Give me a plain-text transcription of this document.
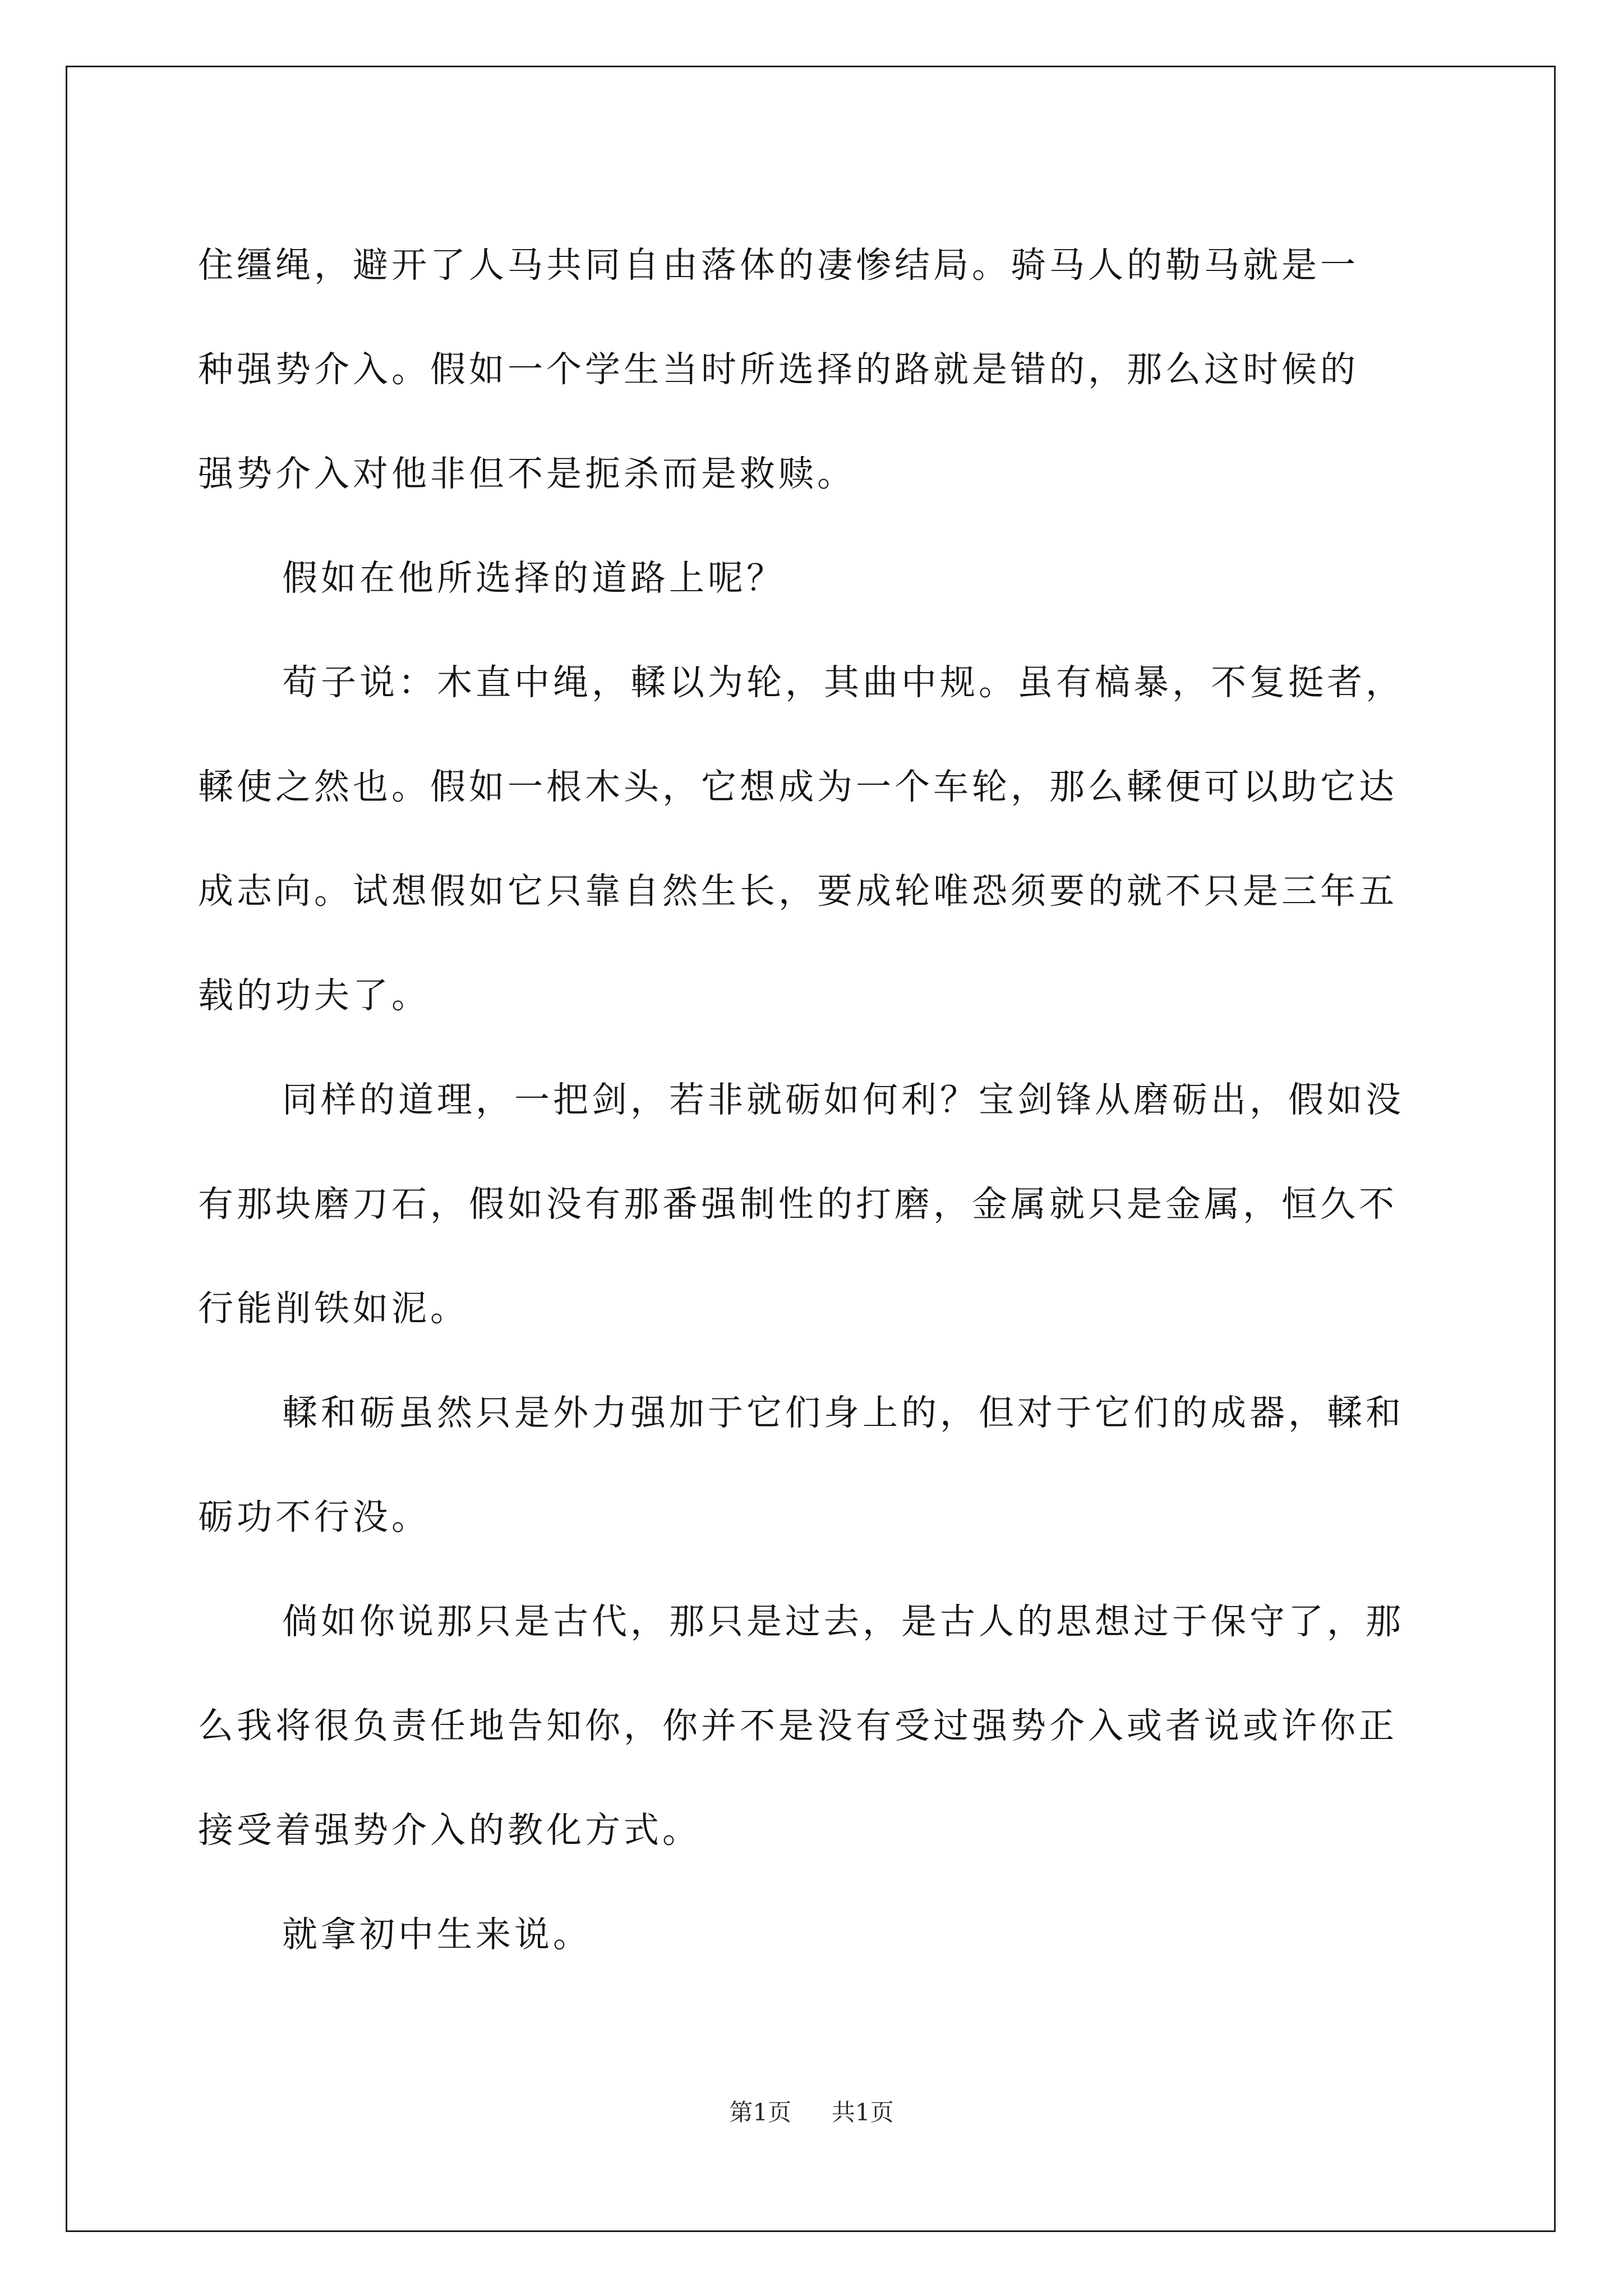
住缰绳，避开了人马共同自由落体的凄惨结局。骑马人的勒马就是一

种强势介入。假如一个学生当时所选择的路就是错的，那么这时候的

强势介入对他非但不是扼杀而是救赎。

假如在他所选择的道路上呢？

荀子说：木直中绳，輮以为轮，其曲中规。虽有槁暴，不复挺者，輮使之然也。假如一根木头，它想成为一个车轮，那么輮便可以助它达成志向。试想假如它只靠自然生长，要成轮唯恐须要的就不只是三年五载的功夫了。

同样的道理，一把剑，若非就砺如何利？宝剑锋从磨砺出，假如没有那块磨刀石，假如没有那番强制性的打磨，金属就只是金属，恒久不行能削铁如泥。

輮和砺虽然只是外力强加于它们身上的，但对于它们的成器，輮和砺功不行没。

倘如你说那只是古代，那只是过去，是古人的思想过于保守了，那么我将很负责任地告知你，你并不是没有受过强势介入或者说或许你正接受着强势介入的教化方式。

就拿初中生来说。

第1页 共1页
